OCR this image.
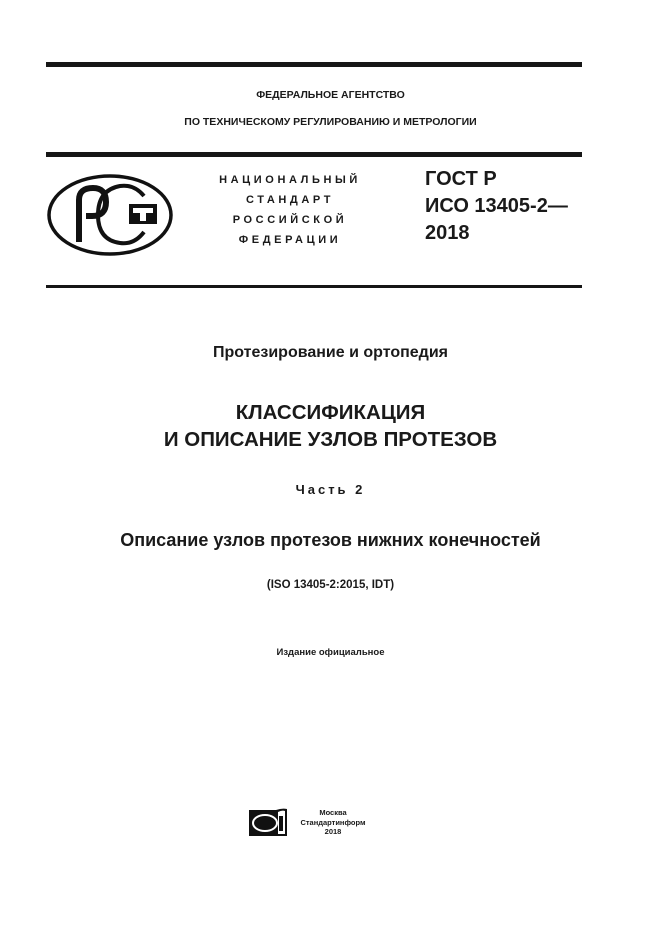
ФЕДЕРАЛЬНОЕ АГЕНТСТВО
ПО ТЕХНИЧЕСКОМУ РЕГУЛИРОВАНИЮ И МЕТРОЛОГИИ
НАЦИОНАЛЬНЫЙ
СТАНДАРТ
РОССИЙСКОЙ
ФЕДЕРАЦИИ
ГОСТ Р
ИСО 13405-2—
2018
Протезирование и ортопедия
КЛАССИФИКАЦИЯ
И ОПИСАНИЕ УЗЛОВ ПРОТЕЗОВ
Часть 2
Описание узлов протезов нижних конечностей
(ISO 13405-2:2015, IDT)
Издание официальное
Москва
Стандартинформ
2018
